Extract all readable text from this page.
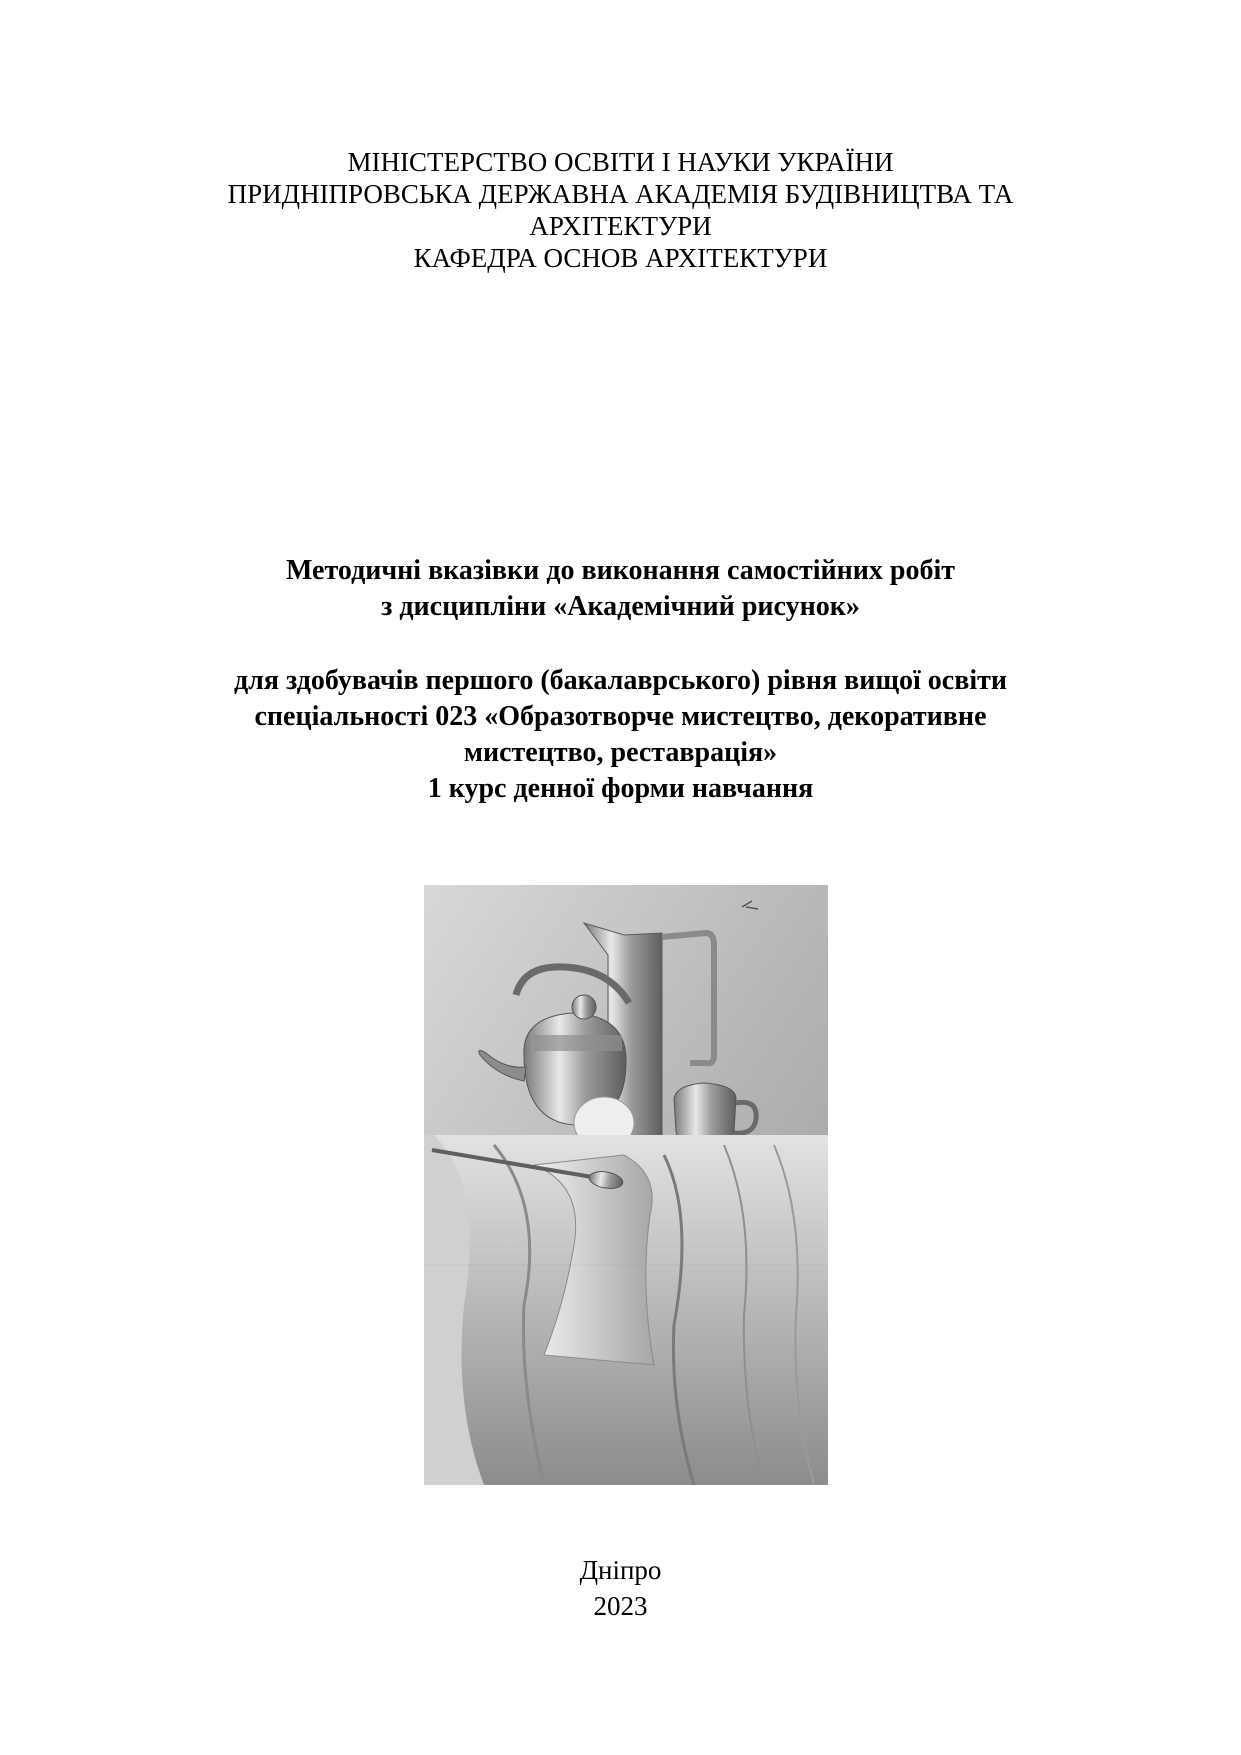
МІНІСТЕРСТВО ОСВІТИ І НАУКИ УКРАЇНИ
ПРИДНІПРОВСЬКА ДЕРЖАВНА АКАДЕМІЯ БУДІВНИЦТВА ТА
АРХІТЕКТУРИ
КАФЕДРА ОСНОВ АРХІТЕКТУРИ
Методичні вказівки до виконання самостійних робіт
з дисципліни «Академічний рисунок»
для здобувачів першого (бакалаврського) рівня вищої освіти
спеціальності 023 «Образотворче мистецтво, декоративне
мистецтво, реставрація»
1 курс денної форми навчання
Дніпро
2023
